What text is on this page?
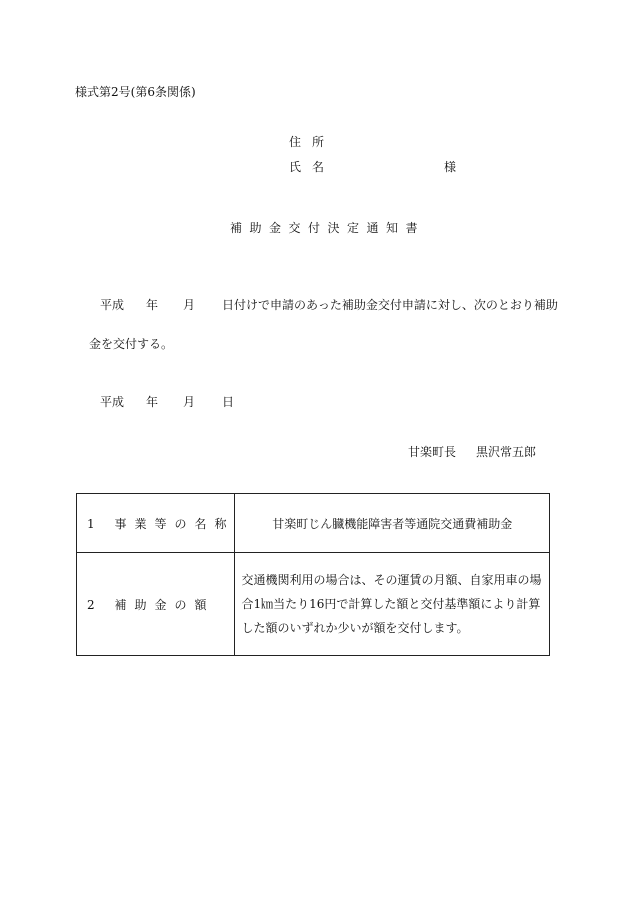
様式第2号(第6条関係)
住所
氏名	様
補助金交付決定通知書
平成 年 月 日付けで申請のあった補助金交付申請に対し、次のとおり補助
金を交付する。
平成 年 月 日
甘楽町長 黒沢常五郎
1 事業等の名称	甘楽町じん臓機能障害者等通院交通費補助金
2 補助金の額	交通機関利用の場合は、その運賃の月額、自家用車の場合1㎞当たり16円で計算した額と交付基準額により計算した額のいずれか少いが額を交付します。
